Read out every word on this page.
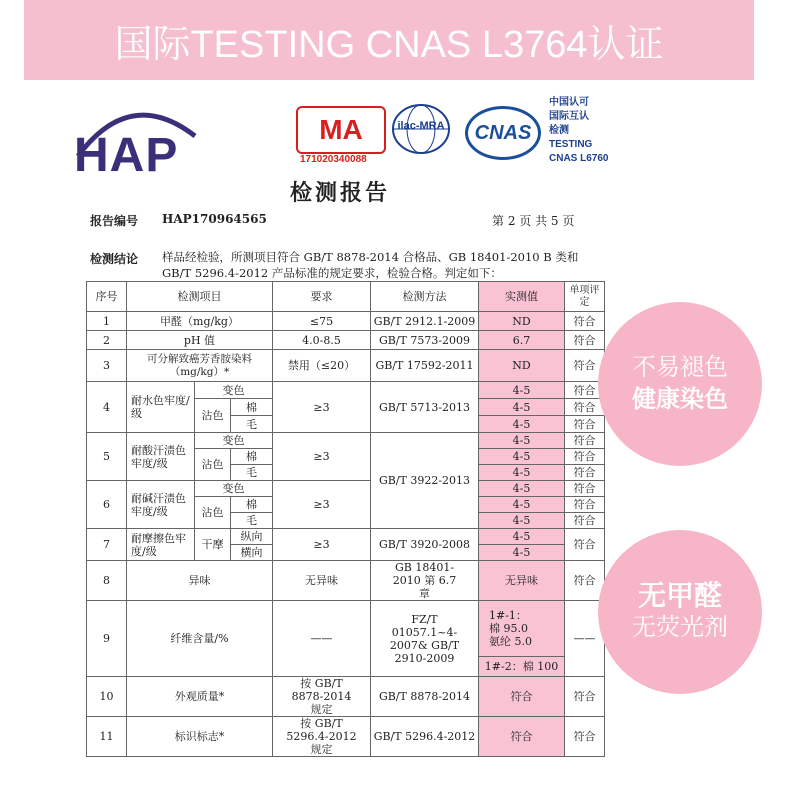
国际TESTING CNAS L3764认证
HAP	MA
171020340088
ilac-MRA	CNAS
中国认可
国际互认
检测
TESTING
CNAS L6760
检测报告
报告编号 HAP170964565	第 2 页 共 5 页
检测结论 样品经检验，所测项目符合 GB/T 8878-2014 合格品、GB 18401-2010 B 类和 GB/T 5296.4-2012 产品标准的规定要求，检验合格。判定如下：
序号	检测项目			要求	检测方法	实测值	单项评定
1	甲醛（mg/kg）			≤75	GB/T 2912.1-2009	ND	符合
2	pH 值			4.0-8.5	GB/T 7573-2009	6.7	符合
3	可分解致癌芳香胺染料（mg/kg）*			禁用（≤20）	GB/T 17592-2011	ND	符合
4	耐水色牢度/级	变色		≥3	GB/T 5713-2013	4-5	符合
		沾色	棉			4-5	符合
			毛			4-5	符合
5	耐酸汗渍色牢度/级	变色		≥3	GB/T 3922-2013	4-5	符合
		沾色	棉			4-5	符合
			毛			4-5	符合
6	耐碱汗渍色牢度/级	变色		≥3		4-5	符合
		沾色	棉			4-5	符合
			毛			4-5	符合
7	耐摩擦色牢度/级	干摩	纵向	≥3	GB/T 3920-2008	4-5	符合
			横向			4-5	
8	异味			无异味	GB 18401-2010 第 6.7 章	无异味	符合
9	纤维含量/%			——	FZ/T 01057.1~4-2007& GB/T 2910-2009	1#-1：
棉 95.0
氨纶 5.0	——
						1#-2：棉 100	
10	外观质量*			按 GB/T 8878-2014 规定	GB/T 8878-2014	符合	符合
11	标识标志*			按 GB/T 5296.4-2012 规定	GB/T 5296.4-2012	符合	符合
不易褪色
健康染色
无甲醛
无荧光剂
